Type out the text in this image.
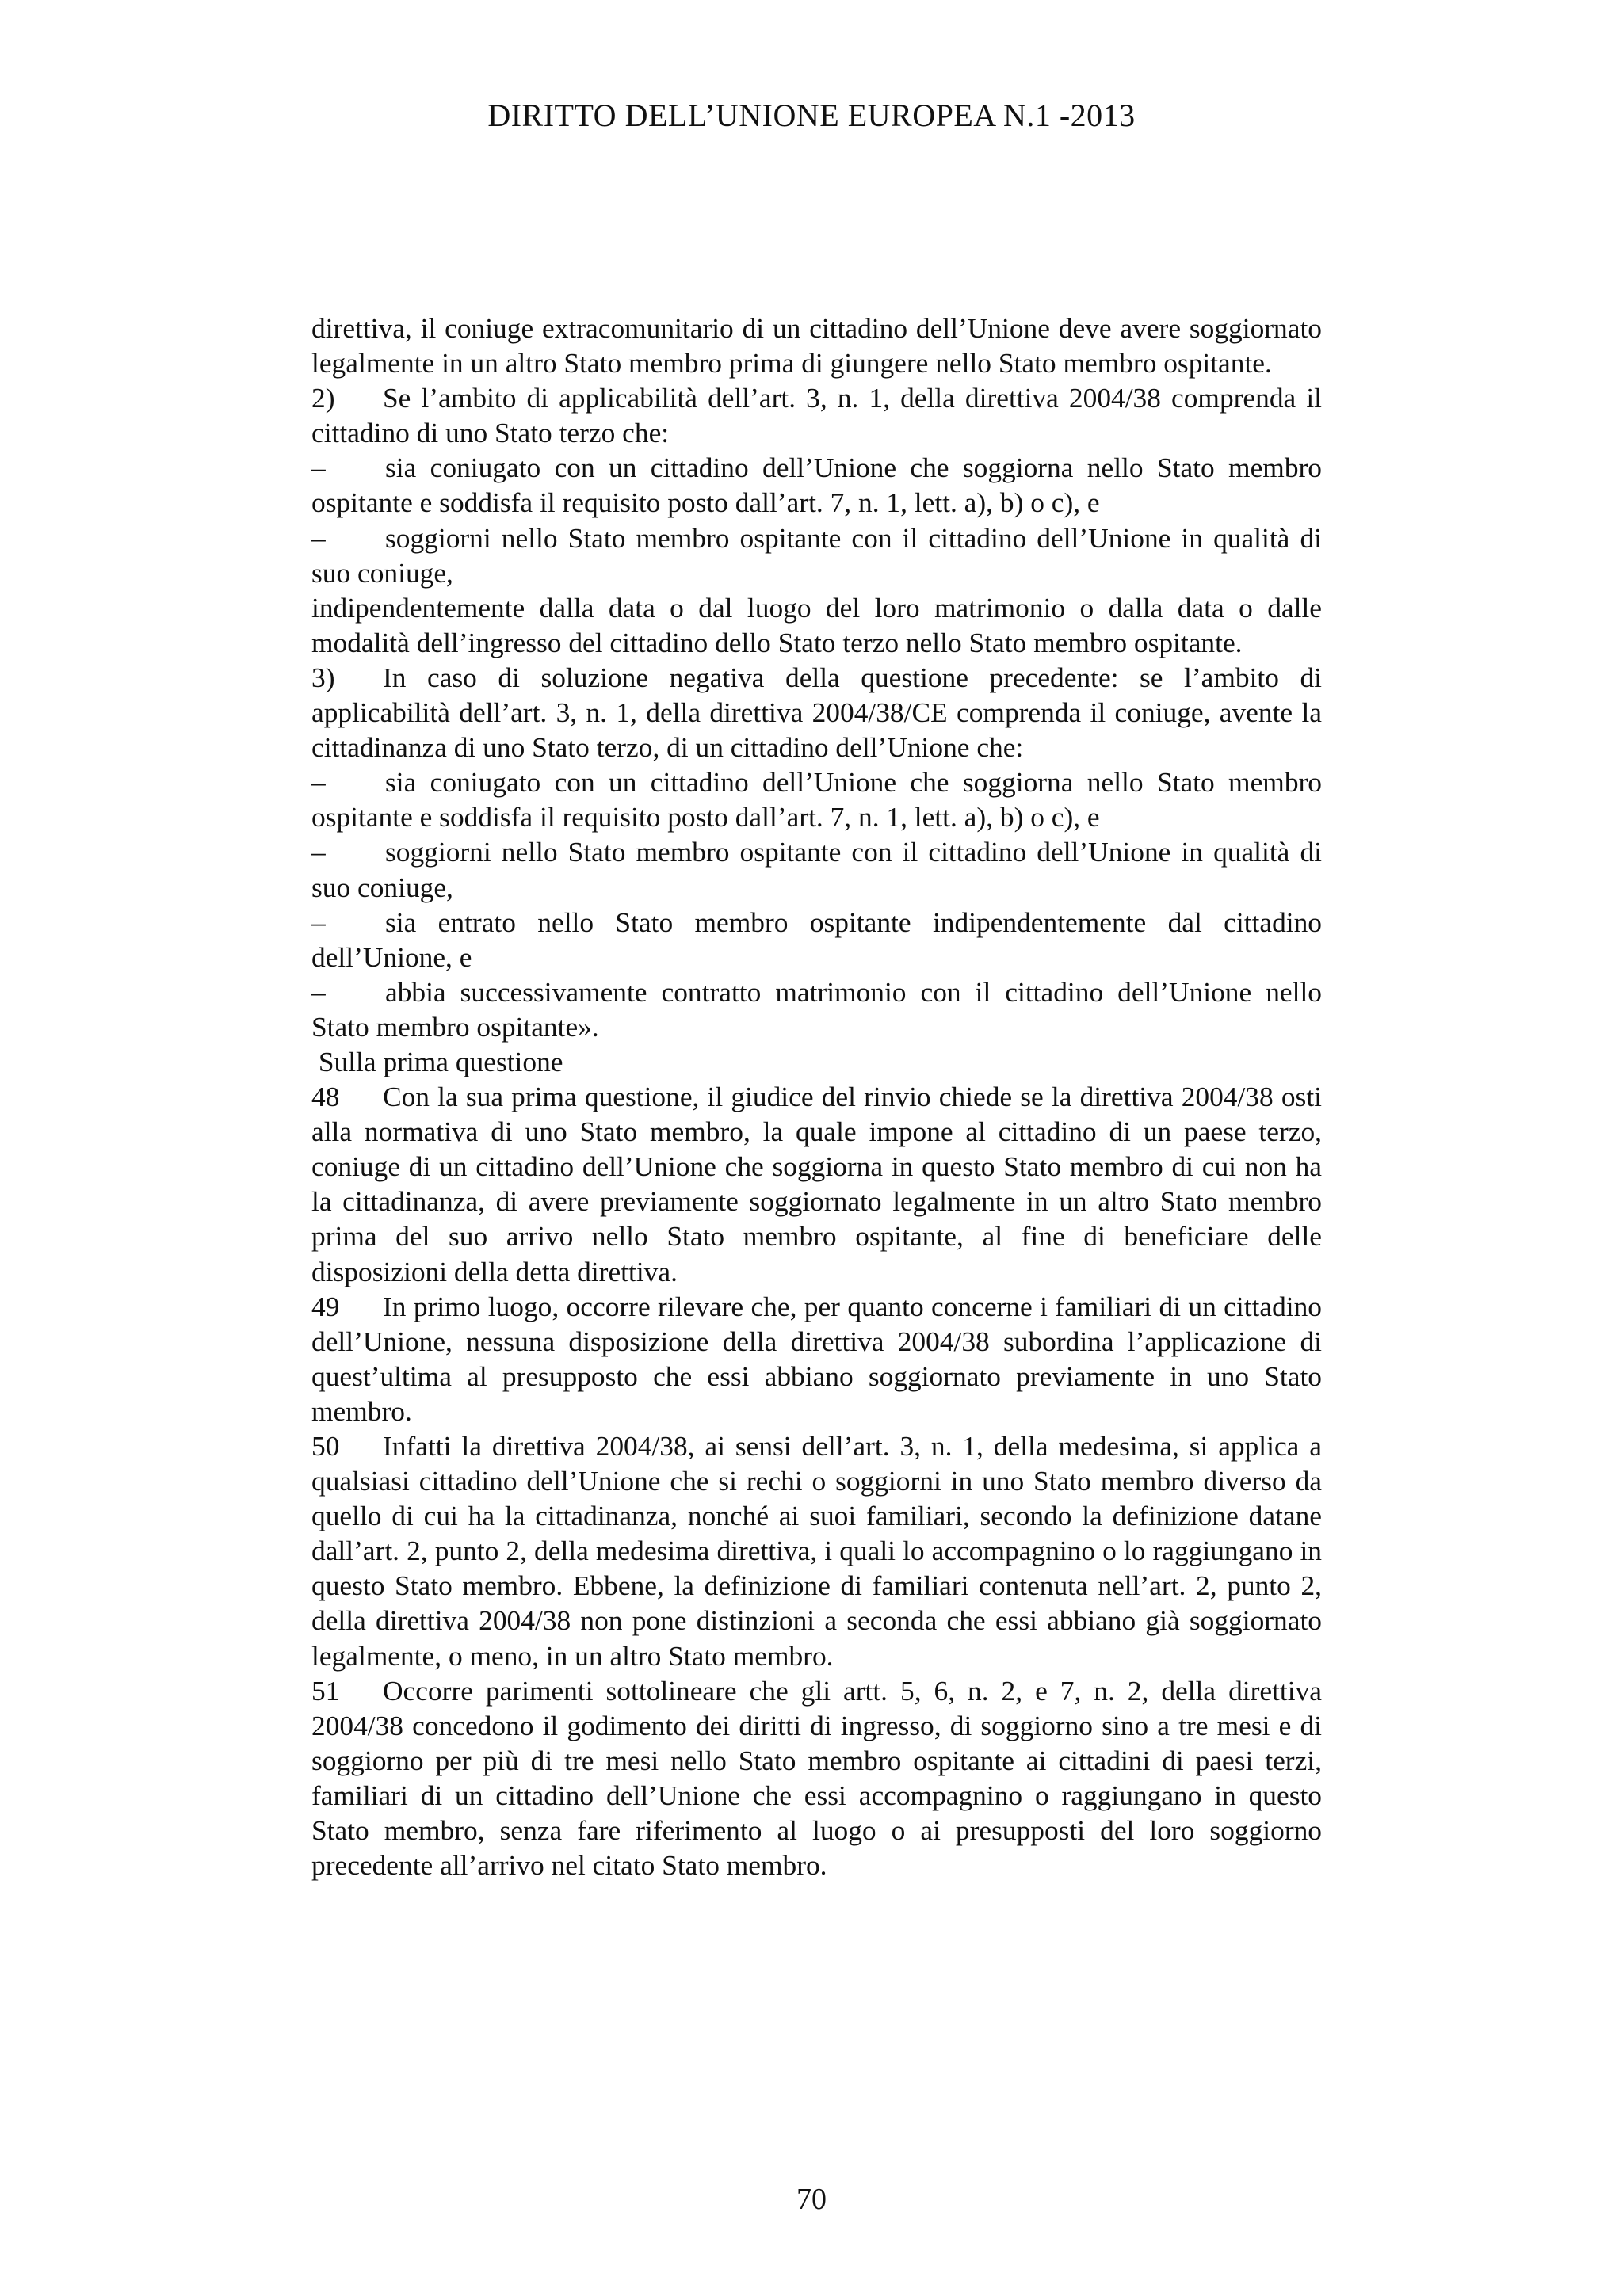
DIRITTO DELL’UNIONE EUROPEA N.1 -2013

direttiva, il coniuge extracomunitario di un cittadino dell’Unione deve avere soggiornato legalmente in un altro Stato membro prima di giungere nello Stato membro ospitante.

2) Se l’ambito di applicabilità dell’art. 3, n. 1, della direttiva 2004/38 comprenda il cittadino di uno Stato terzo che:

– sia coniugato con un cittadino dell’Unione che soggiorna nello Stato membro ospitante e soddisfa il requisito posto dall’art. 7, n. 1, lett. a), b) o c), e

– soggiorni nello Stato membro ospitante con il cittadino dell’Unione in qualità di suo coniuge,

indipendentemente dalla data o dal luogo del loro matrimonio o dalla data o dalle modalità dell’ingresso del cittadino dello Stato terzo nello Stato membro ospitante.

3) In caso di soluzione negativa della questione precedente: se l’ambito di applicabilità dell’art. 3, n. 1, della direttiva 2004/38/CE comprenda il coniuge, avente la cittadinanza di uno Stato terzo, di un cittadino dell’Unione che:

– sia coniugato con un cittadino dell’Unione che soggiorna nello Stato membro ospitante e soddisfa il requisito posto dall’art. 7, n. 1, lett. a), b) o c), e

– soggiorni nello Stato membro ospitante con il cittadino dell’Unione in qualità di suo coniuge,

– sia entrato nello Stato membro ospitante indipendentemente dal cittadino dell’Unione, e

– abbia successivamente contratto matrimonio con il cittadino dell’Unione nello Stato membro ospitante».

Sulla prima questione

48 Con la sua prima questione, il giudice del rinvio chiede se la direttiva 2004/38 osti alla normativa di uno Stato membro, la quale impone al cittadino di un paese terzo, coniuge di un cittadino dell’Unione che soggiorna in questo Stato membro di cui non ha la cittadinanza, di avere previamente soggiornato legalmente in un altro Stato membro prima del suo arrivo nello Stato membro ospitante, al fine di beneficiare delle disposizioni della detta direttiva.

49 In primo luogo, occorre rilevare che, per quanto concerne i familiari di un cittadino dell’Unione, nessuna disposizione della direttiva 2004/38 subordina l’applicazione di quest’ultima al presupposto che essi abbiano soggiornato previamente in uno Stato membro.

50 Infatti la direttiva 2004/38, ai sensi dell’art. 3, n. 1, della medesima, si applica a qualsiasi cittadino dell’Unione che si rechi o soggiorni in uno Stato membro diverso da quello di cui ha la cittadinanza, nonché ai suoi familiari, secondo la definizione datane dall’art. 2, punto 2, della medesima direttiva, i quali lo accompagnino o lo raggiungano in questo Stato membro. Ebbene, la definizione di familiari contenuta nell’art. 2, punto 2, della direttiva 2004/38 non pone distinzioni a seconda che essi abbiano già soggiornato legalmente, o meno, in un altro Stato membro.

51 Occorre parimenti sottolineare che gli artt. 5, 6, n. 2, e 7, n. 2, della direttiva 2004/38 concedono il godimento dei diritti di ingresso, di soggiorno sino a tre mesi e di soggiorno per più di tre mesi nello Stato membro ospitante ai cittadini di paesi terzi, familiari di un cittadino dell’Unione che essi accompagnino o raggiungano in questo Stato membro, senza fare riferimento al luogo o ai presupposti del loro soggiorno precedente all’arrivo nel citato Stato membro.

70
